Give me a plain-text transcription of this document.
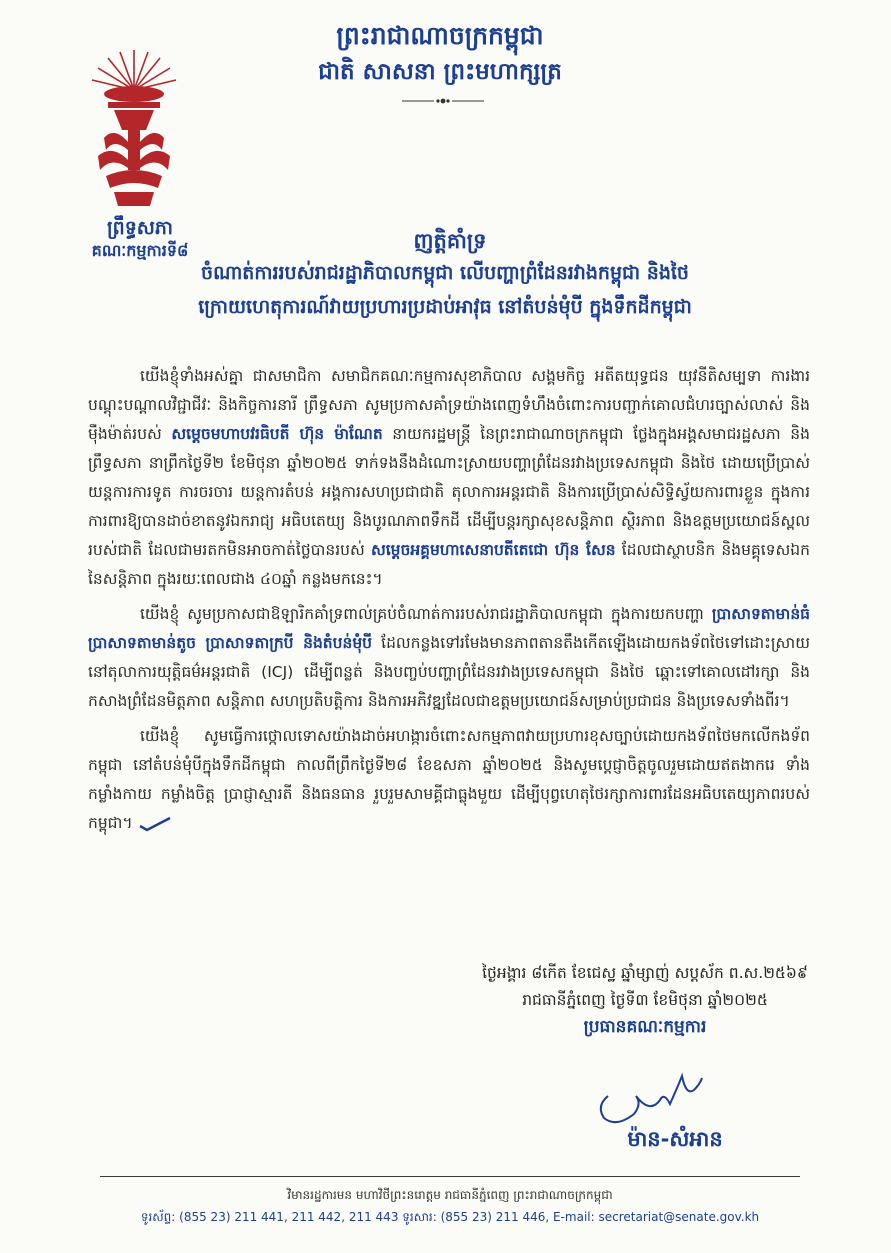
ព្រះរាជាណាចក្រកម្ពុជា
ជាតិ សាសនា ព្រះមហាក្សត្រ
ព្រឹទ្ធសភា
គណៈកម្មការទី៨	ញត្តិគាំទ្រ
ចំណាត់ការរបស់រាជរដ្ឋាភិបាលកម្ពុជា លើបញ្ហាព្រំដែនរវាងកម្ពុជា និងថៃ
ក្រោយហេតុការណ៍វាយប្រហារប្រដាប់អាវុធ នៅតំបន់មុំបី ក្នុងទឹកដីកម្ពុជា

យើងខ្ញុំទាំងអស់គ្នា ជាសមាជិកា សមាជិកគណៈកម្មការសុខាភិបាល សង្គមកិច្ច អតីតយុទ្ធជន យុវនីតិសម្បទា ការងារ បណ្តុះបណ្តាលវិជ្ជាជីវៈ និងកិច្ចការនារី ព្រឹទ្ធសភា សូមប្រកាសគាំទ្រយ៉ាងពេញទំហឹងចំពោះការបញ្ជាក់គោលជំហរច្បាស់លាស់ និងម៉ឺងម៉ាត់របស់ សម្តេចមហាបវរធិបតី ហ៊ុន ម៉ាណែត នាយករដ្ឋមន្ត្រី នៃព្រះរាជាណាចក្រកម្ពុជា ថ្លែងក្នុងអង្គសមាជរដ្ឋសភា និងព្រឹទ្ធសភា នាព្រឹកថ្ងៃទី២ ខែមិថុនា ឆ្នាំ២០២៥ ទាក់ទងនឹងដំណោះស្រាយបញ្ហាព្រំដែនរវាងប្រទេសកម្ពុជា និងថៃ ដោយប្រើប្រាស់យន្តការការទូត ការចរចារ យន្តការតំបន់ អង្គការសហប្រជាជាតិ តុលាការអន្តរជាតិ និងការប្រើប្រាស់សិទ្ធិស្វ័យការពារខ្លួន ក្នុងការការពារឱ្យបានដាច់ខាតនូវឯករាជ្យ អធិបតេយ្យ និងបូរណភាពទឹកដី ដើម្បីបន្តរក្សាសុខសន្តិភាព ស្ថិរភាព និងឧត្តមប្រយោជន៍ស្ពលរបស់ជាតិ ដែលជាមរតកមិនអាចកាត់ថ្លៃបានរបស់ សម្តេចអគ្គមហាសេនាបតីតេជោ ហ៊ុន សែន ដែលជាស្ថាបនិក និងមគ្គុទេសឯកនៃសន្តិភាព ក្នុងរយៈពេលជាង ៤០ឆ្នាំ កន្លងមកនេះ។

យើងខ្ញុំ សូមប្រកាសជាឱឡារិកគាំទ្រពាល់គ្រប់ចំណាត់ការរបស់រាជរដ្ឋាភិបាលកម្ពុជា ក្នុងការយកបញ្ហា ប្រាសាទតាមាន់ធំ ប្រាសាទតាមាន់តូច ប្រាសាទតាក្របី និងតំបន់មុំបី ដែលកន្លងទៅរមែងមានភាពតានតឹងកើតឡើងដោយកងទ័ពថៃទៅដោះស្រាយនៅតុលាការយុត្តិធម៌អន្តរជាតិ (ICJ) ដើម្បីពន្លត់ និងបញ្ចប់បញ្ហាព្រំដែនរវាងប្រទេសកម្ពុជា និងថៃ ឆ្ពោះទៅគោលដៅរក្សា និងកសាងព្រំដែនមិត្តភាព សន្តិភាព សហប្រតិបត្តិការ និងការអភិវឌ្ឍដែលជាឧត្តមប្រយោជន៍សម្រាប់ប្រជាជន និងប្រទេសទាំងពីរ។

យើងខ្ញុំ សូមធ្វើការថ្កោលទោសយ៉ាងដាច់អហង្ការចំពោះសកម្មភាពវាយប្រហារខុសច្បាប់ដោយកងទ័ពថៃមកលើកងទ័ពកម្ពុជា នៅតំបន់មុំបីក្នុងទឹកដីកម្ពុជា កាលពីព្រឹកថ្ងៃទី២៨ ខែឧសភា ឆ្នាំ២០២៥ និងសូមប្តេជ្ញាចិត្តចូលរួមដោយឥតងាករេ ទាំងកម្លាំងកាយ កម្លាំងចិត្ត ប្រាជ្ញាស្មារតី និងធនធាន រួបរួមសាមគ្គីជាធ្លុងមួយ ដើម្បីបុព្វហេតុថៃរក្សាការពារដែនអធិបតេយ្យភាពរបស់កម្ពុជា។

ថ្ងៃអង្គារ ៨កើត ខែជេស្ឋ ឆ្នាំម្សាញ់ សប្តស័ក ព.ស.២៥៦៩
រាជធានីភ្នំពេញ ថ្ងៃទី៣ ខែមិថុនា ឆ្នាំ២០២៥
ប្រធានគណៈកម្មការ
ម៉ាន-សំអាន
វិមានរដ្ឋការមន មហាវិថីព្រះនរោត្តម រាជធានីភ្នំពេញ ព្រះរាជាណាចក្រកម្ពុជា
ទូរស័ព្ទ: (855 23) 211 441, 211 442, 211 443 ទូរសារ: (855 23) 211 446, E-mail: secretariat@senate.gov.kh
